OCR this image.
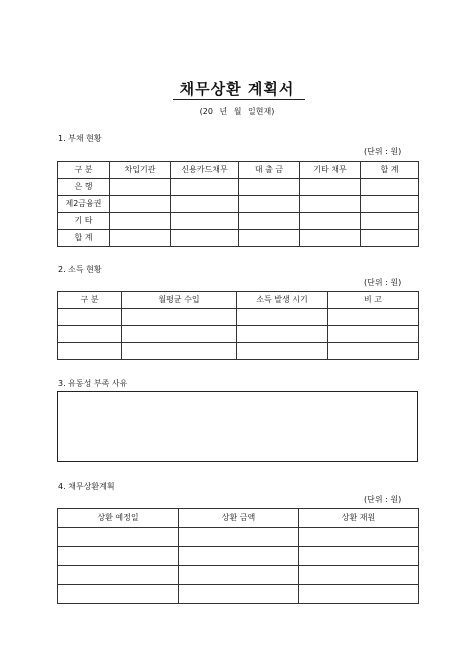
채무상환 계획서
(20 년 월 일현재)
1. 부채 현황
(단위 : 원)
구 분	차입기관	신용카드채무	대 출 금	기타 채무	합 계
은 행					
제2금융권					
기 타					
합 계					
2. 소득 현황
(단위 : 원)
구 분	월평균 수입	소득 발생 시기	비 고

3. 유동성 부족 사유
4. 채무상환계획
(단위 : 원)
상환 예정일	상환 금액	상환 재원
